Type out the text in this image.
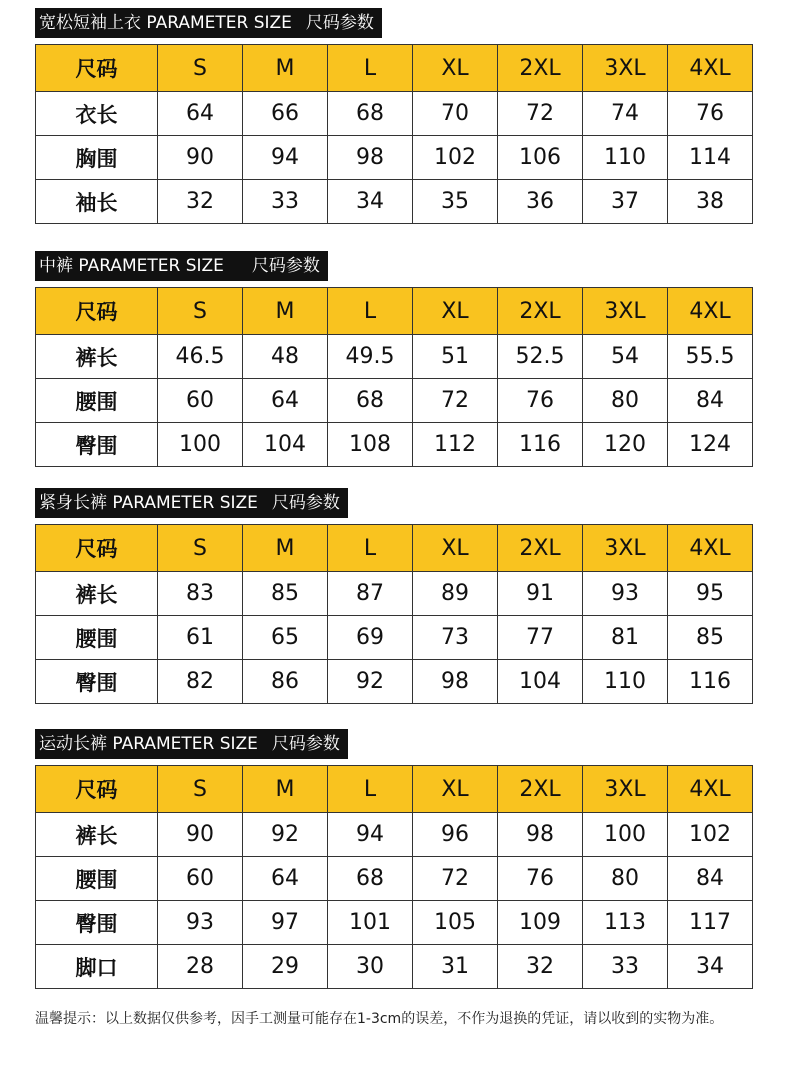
宽松短袖上衣 PARAMETER SIZE 尺码参数
尺码	S	M	L	XL	2XL	3XL	4XL
衣长	64	66	68	70	72	74	76
胸围	90	94	98	102	106	110	114
袖长	32	33	34	35	36	37	38
中裤 PARAMETER SIZE 尺码参数
尺码	S	M	L	XL	2XL	3XL	4XL
裤长	46.5	48	49.5	51	52.5	54	55.5
腰围	60	64	68	72	76	80	84
臀围	100	104	108	112	116	120	124
紧身长裤 PARAMETER SIZE 尺码参数
尺码	S	M	L	XL	2XL	3XL	4XL
裤长	83	85	87	89	91	93	95
腰围	61	65	69	73	77	81	85
臀围	82	86	92	98	104	110	116
运动长裤 PARAMETER SIZE 尺码参数
尺码	S	M	L	XL	2XL	3XL	4XL
裤长	90	92	94	96	98	100	102
腰围	60	64	68	72	76	80	84
臀围	93	97	101	105	109	113	117
脚口	28	29	30	31	32	33	34
温馨提示：以上数据仅供参考，因手工测量可能存在1-3cm的误差，不作为退换的凭证，请以收到的实物为准。
